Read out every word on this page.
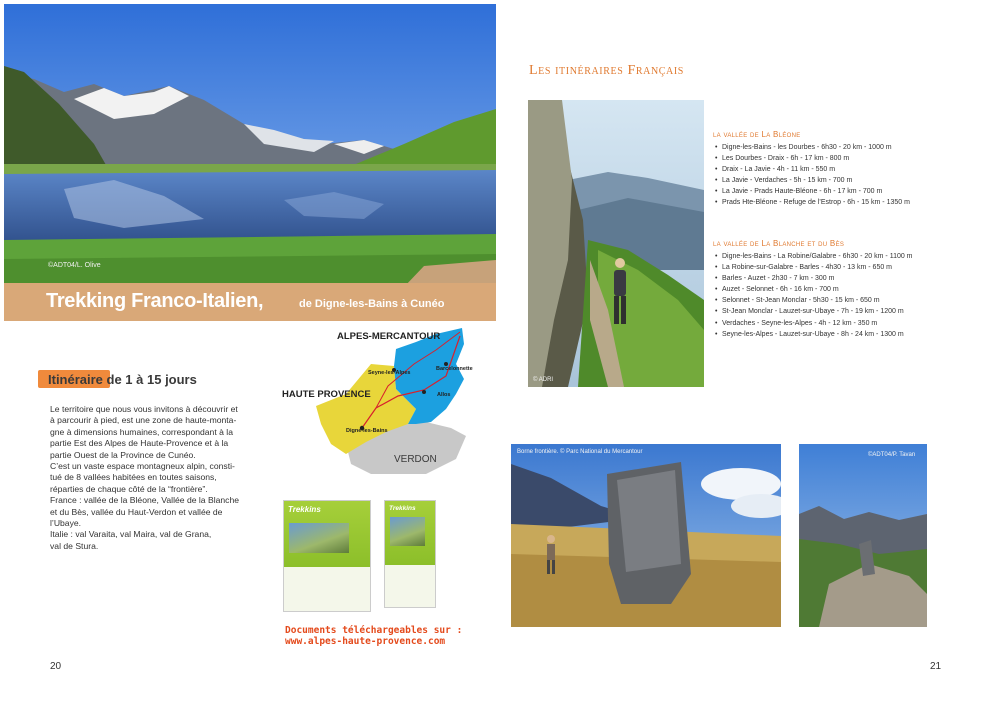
©ADT04/L. Olive
Trekking Franco-Italien,	de Digne-les-Bains à Cunéo
Itinéraire de 1 à 15 jours

Le territoire que nous vous invitons à découvrir et

à parcourir à pied, est une zone de haute-monta-

gne à dimensions humaines, correspondant à la

partie Est des Alpes de Haute-Provence et à la

partie Ouest de la Province de Cunéo.

C’est un vaste espace montagneux alpin, consti-

tué de 8 vallées habitées en toutes saisons,

réparties de chaque côté de la “frontière”.

France : vallée de la Bléone, Vallée de la Blanche

et du Bès, vallée du Haut-Verdon et vallée de

l’Ubaye.

Italie : val Varaita, val Maira, val de Grana,

val de Stura.

ALPES-MERCANTOUR
HAUTE PROVENCE
VERDON
Seyne-les-Alpes
Barcelonnette
Allos
Digne-les-Bains
Trekkins	Trekkins
Documents téléchargeables sur :
www.alpes-haute-provence.com
20
Les itinéraires Français
© ADRI
la vallée de La Bléone
• Digne-les-Bains - les Dourbes - 6h30 - 20 km - 1000 m
• Les Dourbes - Draix - 6h - 17 km - 800 m
• Draix - La Javie - 4h - 11 km - 550 m
• La Javie - Verdaches - 5h - 15 km - 700 m
• La Javie - Prads Haute-Bléone - 6h - 17 km - 700 m
• Prads Hte-Bléone - Refuge de l’Estrop - 6h - 15 km - 1350 m
la vallée de La Blanche et du Bès
• Digne-les-Bains - La Robine/Galabre - 6h30 - 20 km - 1100 m
• La Robine-sur-Galabre - Barles - 4h30 - 13 km - 650 m
• Barles - Auzet - 2h30 - 7 km - 300 m
• Auzet - Selonnet - 6h - 16 km - 700 m
• Selonnet - St-Jean Monclar - 5h30 - 15 km - 650 m
• St-Jean Monclar - Lauzet-sur-Ubaye - 7h - 19 km - 1200 m
• Verdaches - Seyne-les-Alpes - 4h - 12 km - 350 m
• Seyne-les-Alpes - Lauzet-sur-Ubaye - 8h - 24 km - 1300 m
Borne frontière. © Parc National du Mercantour	©ADT04/P. Tavan
21
